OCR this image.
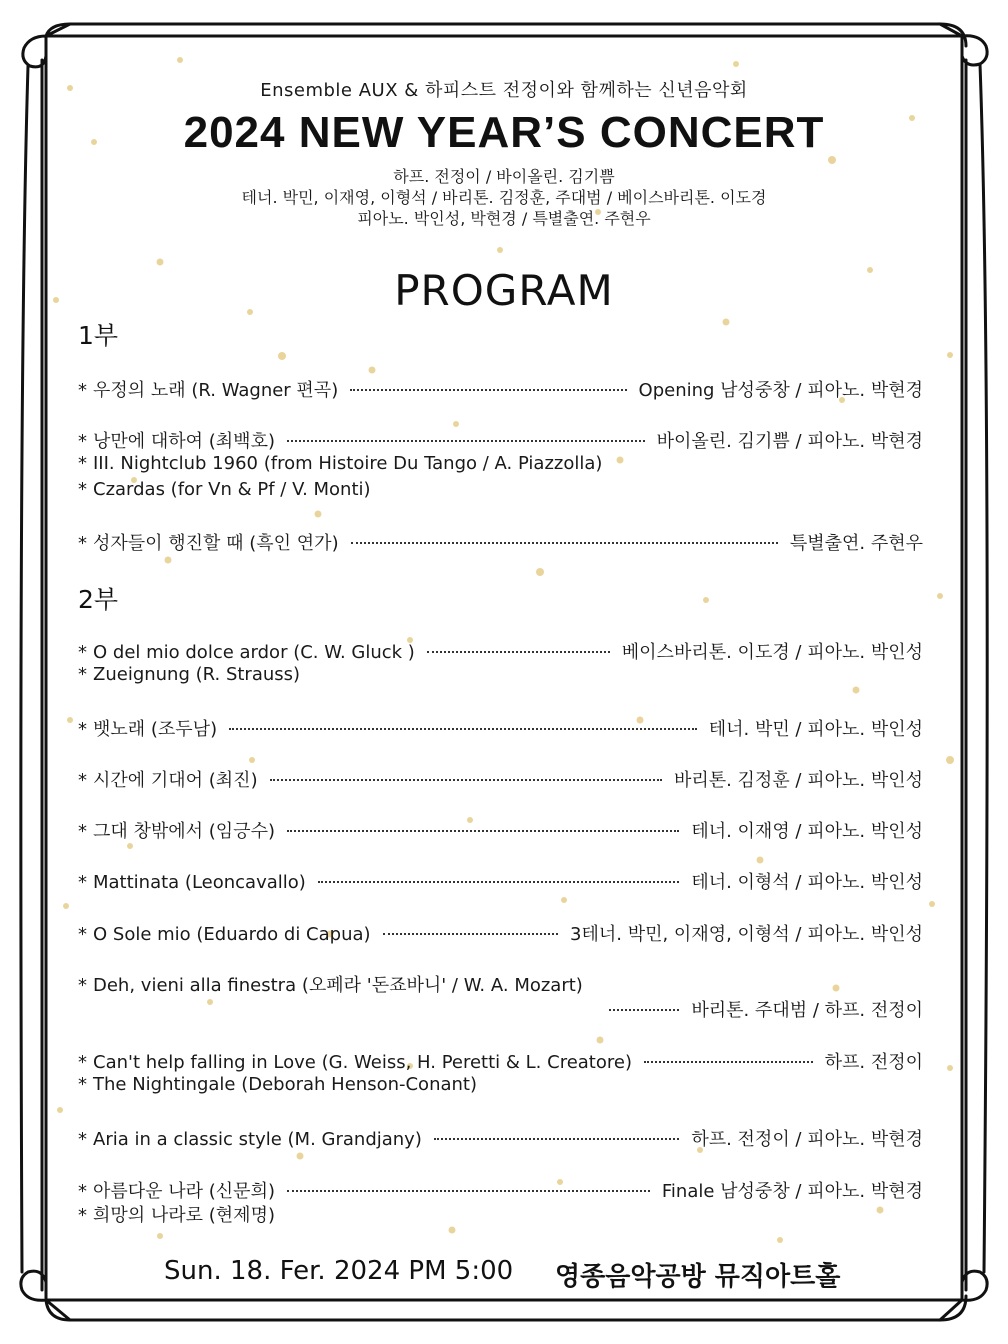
Ensemble AUX & 하피스트 전정이와 함께하는 신년음악회
2024 NEW YEAR’S CONCERT
하프. 전정이 / 바이올린. 김기쁨
테너. 박민, 이재영, 이형석 / 바리톤. 김정훈, 주대범 / 베이스바리톤. 이도경
피아노. 박인성, 박현경 / 특별출연. 주현우
PROGRAM
1부
* 우정의 노래 (R. Wagner 편곡)	Opening 남성중창 / 피아노. 박현경
* 낭만에 대하여 (최백호)	바이올린. 김기쁨 / 피아노. 박현경
* III. Nightclub 1960 (from Histoire Du Tango / A. Piazzolla)
* Czardas (for Vn & Pf / V. Monti)
* 성자들이 행진할 때 (흑인 연가)	특별출연. 주현우
2부
* O del mio dolce ardor (C. W. Gluck )	베이스바리톤. 이도경 / 피아노. 박인성
* Zueignung (R. Strauss)
* 뱃노래 (조두남)	테너. 박민 / 피아노. 박인성
* 시간에 기대어 (최진)	바리톤. 김정훈 / 피아노. 박인성
* 그대 창밖에서 (임긍수)	테너. 이재영 / 피아노. 박인성
* Mattinata (Leoncavallo)	테너. 이형석 / 피아노. 박인성
* O Sole mio (Eduardo di Capua)	3테너. 박민, 이재영, 이형석 / 피아노. 박인성
* Deh, vieni alla finestra (오페라 '돈죠바니' / W. A. Mozart)
바리톤. 주대범 / 하프. 전정이
* Can't help falling in Love (G. Weiss, H. Peretti & L. Creatore)	하프. 전정이
* The Nightingale (Deborah Henson-Conant)
* Aria in a classic style (M. Grandjany)	하프. 전정이 / 피아노. 박현경
* 아름다운 나라 (신문희)	Finale 남성중창 / 피아노. 박현경
* 희망의 나라로 (현제명)
Sun. 18. Fer. 2024 PM 5:00 영종음악공방 뮤직아트홀
